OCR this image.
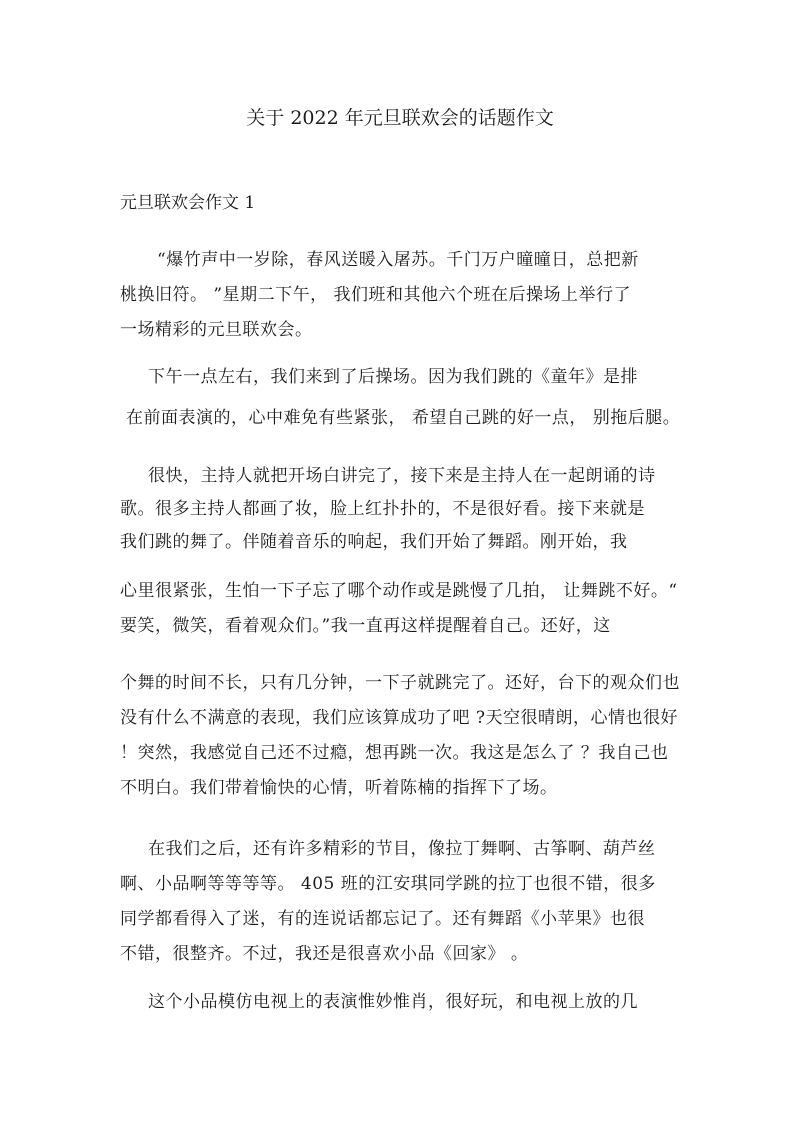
关于 2022 年元旦联欢会的话题作文
元旦联欢会作文 1
“爆竹声中一岁除，春风送暖入屠苏。千门万户曈曈日，总把新
桃换旧符。 ”星期二下午， 我们班和其他六个班在后操场上举行了
一场精彩的元旦联欢会。
下午一点左右，我们来到了后操场。因为我们跳的《童年》是排
在前面表演的，心中难免有些紧张， 希望自己跳的好一点， 别拖后腿。
很快，主持人就把开场白讲完了，接下来是主持人在一起朗诵的诗
歌。很多主持人都画了妆，脸上红扑扑的，不是很好看。接下来就是
我们跳的舞了。伴随着音乐的响起，我们开始了舞蹈。刚开始，我
心里很紧张，生怕一下子忘了哪个动作或是跳慢了几拍， 让舞跳不好。“
要笑，微笑，看着观众们。”我一直再这样提醒着自己。还好，这
个舞的时间不长，只有几分钟，一下子就跳完了。还好，台下的观众们也
没有什么不满意的表现，我们应该算成功了吧 ?天空很晴朗，心情也很好
！突然，我感觉自己还不过瘾，想再跳一次。我这是怎么了 ？我自己也
不明白。我们带着愉快的心情，听着陈楠的指挥下了场。
在我们之后，还有许多精彩的节目，像拉丁舞啊、古筝啊、葫芦丝
啊、小品啊等等等等。 405 班的江安琪同学跳的拉丁也很不错，很多
同学都看得入了迷，有的连说话都忘记了。还有舞蹈《小苹果》也很
不错，很整齐。不过，我还是很喜欢小品《回家》 。
这个小品模仿电视上的表演惟妙惟肖，很好玩，和电视上放的几
